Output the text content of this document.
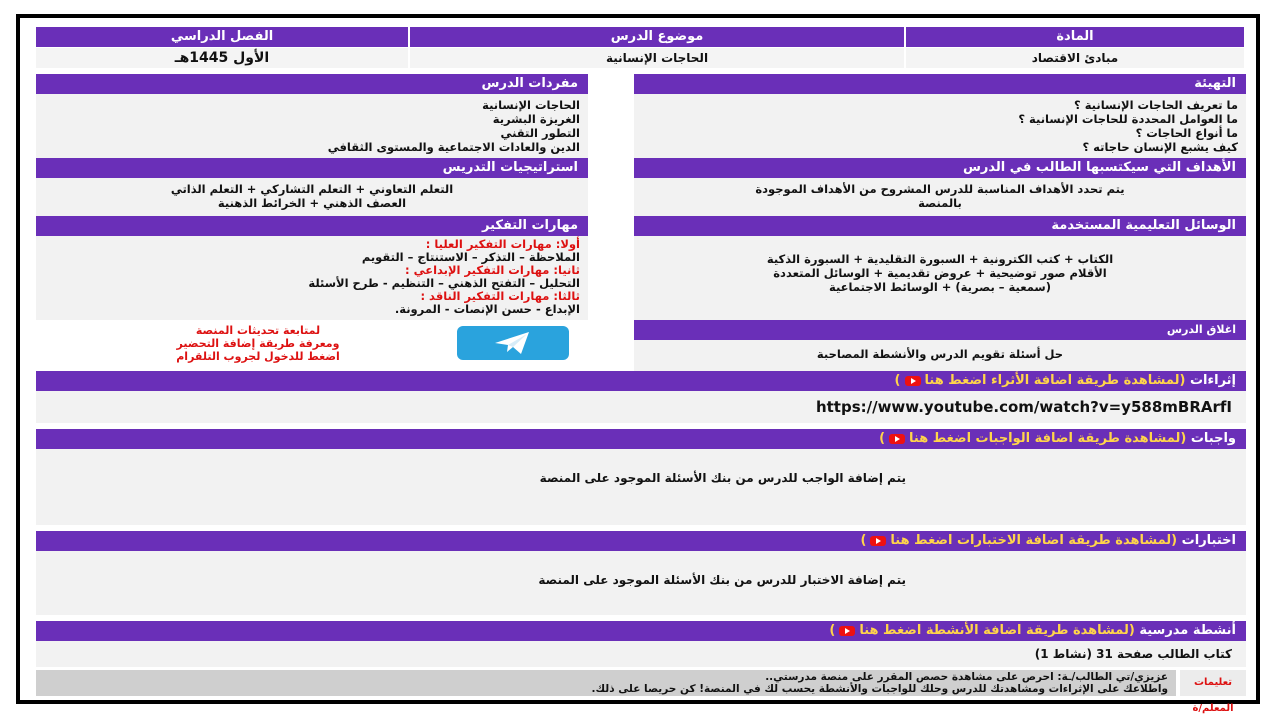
المادة
موضوع الدرس
الفصل الدراسي
مبادئ الاقتصاد
الحاجات الإنسانية
الأول 1445هـ
التهيئة
ما تعريف الحاجات الإنسانية ؟
ما العوامل المحددة للحاجات الإنسانية ؟
ما أنواع الحاجات ؟
كيف يشبع الإنسان حاجاته ؟
مفردات الدرس
الحاجات الإنسانية
الغريزة البشرية
التطور التقني
الدين والعادات الاجتماعية والمستوى الثقافي
الأهداف التي سيكتسبها الطالب في الدرس
يتم تحدد الأهداف المناسبة للدرس المشروح من الأهداف الموجودة
بالمنصة
استراتيجيات التدريس
التعلم التعاوني + التعلم التشاركي + التعلم الذاتي
العصف الذهني + الخرائط الذهنية
الوسائل التعليمية المستخدمة
الكتاب + كتب الكترونية + السبورة التقليدية + السبورة الذكية
الأقلام صور توضيحية + عروض تقديمية + الوسائل المتعددة
(سمعية – بصرية) + الوسائط الاجتماعية
مهارات التفكير
أولا: مهارات التفكير العليا :
الملاحظة – التذكر – الاستنتاج – التقويم
ثانيا: مهارات التفكير الإبداعي :
التحليل – التفتح الذهني – التنظيم - طرح الأسئلة
ثالثا: مهارات التفكير الناقد :
الإبداع - حسن الإنصات - المرونة.
لمتابعة تحديثات المنصة
ومعرفة طريقة إضافة التحضير
اضغط للدخول لجروب التلقرام
اغلاق الدرس
حل أسئلة تقويم الدرس والأنشطة المصاحبة
إثراءات (لمشاهدة طريقة اضافة الأثراء اضغط هنا)
https://www.youtube.com/watch?v=y588mBRArfI
واجبات (لمشاهدة طريقة اضافة الواجبات اضغط هنا)
يتم إضافة الواجب للدرس من بنك الأسئلة الموجود على المنصة
اختبارات (لمشاهدة طريقة اضافة الاختبارات اضغط هنا)
يتم إضافة الاختبار للدرس من بنك الأسئلة الموجود على المنصة
أنشطة مدرسية (لمشاهدة طريقة اضافة الأنشطة اضغط هنا)
كتاب الطالب صفحة 31 (نشاط 1)
تعليمات المعلم/ة
عزيزي/تي الطالب/ـة: احرص على مشاهدة حصص المقرر على منصة مدرستي..
واطلاعك على الإثراءات ومشاهدتك للدرس وحلك للواجبات والأنشطة يحسب لك في المنصة! كن حريصا على ذلك.
